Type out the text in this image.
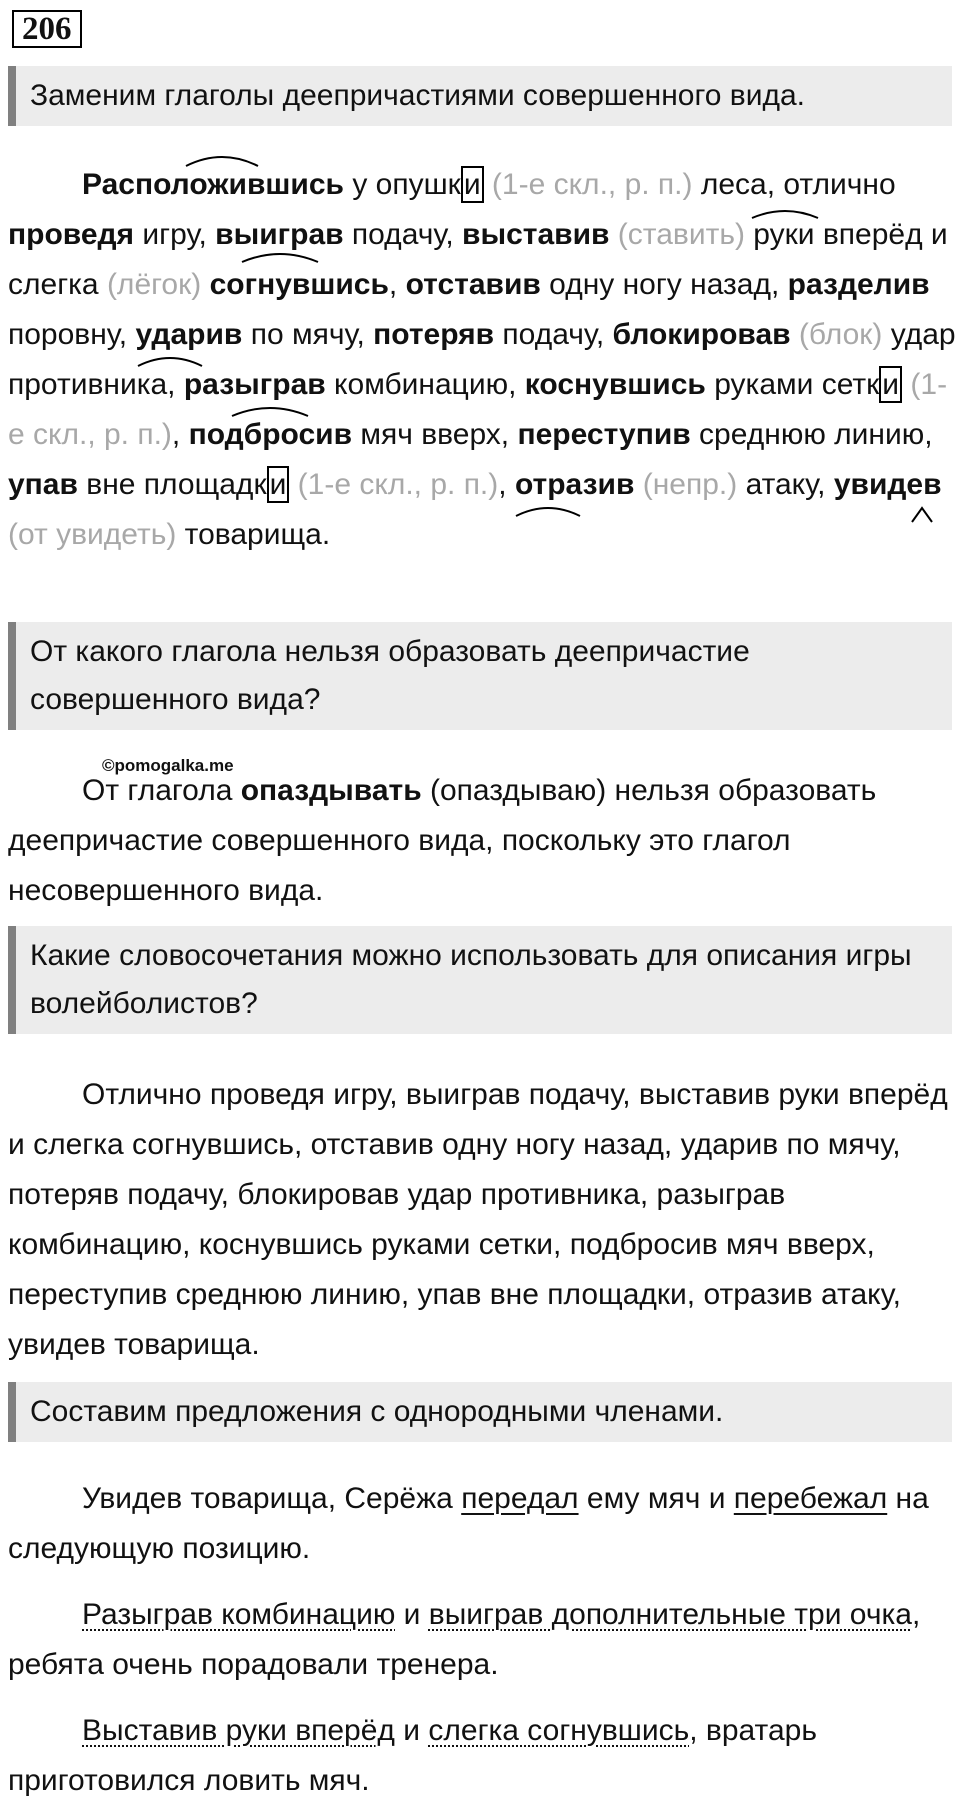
206
Заменим глаголы деепричастиями совершенного вида.
Расположившись у опушк и (1-е скл., р. п.) леса, отлично проведя игру, выиграв подачу, выставив (ставить) руки вперёд и слегка (лёгок) согнувшись, отставив одну ногу назад, разделив поровну, ударив по мячу, потеряв подачу, блокировав (блок) удар противника, разыграв комбинацию, коснувшись руками сетк и (1-е скл., р. п.), подбросив мяч вверх, переступив среднюю линию, упав вне площадк и (1-е скл., р. п.), отразив (непр.) атаку, увидев (от увидеть) товарища.
От какого глагола нельзя образовать деепричастие совершенного вида?
©pomogalka.me
От глагола опаздывать (опаздываю) нельзя образовать деепричастие совершенного вида, поскольку это глагол несовершенного вида.
Какие словосочетания можно использовать для описания игры волейболистов?
Отлично проведя игру, выиграв подачу, выставив руки вперёд и слегка согнувшись, отставив одну ногу назад, ударив по мячу, потеряв подачу, блокировав удар противника, разыграв комбинацию, коснувшись руками сетки, подбросив мяч вверх, переступив среднюю линию, упав вне площадки, отразив атаку, увидев товарища.
Составим предложения с однородными членами.
Увидев товарища, Серёжа передал ему мяч и перебежал на следующую позицию.
Разыграв комбинацию и выиграв дополнительные три очка, ребята очень порадовали тренера.
Выставив руки вперёд и слегка согнувшись, вратарь приготовился ловить мяч.
